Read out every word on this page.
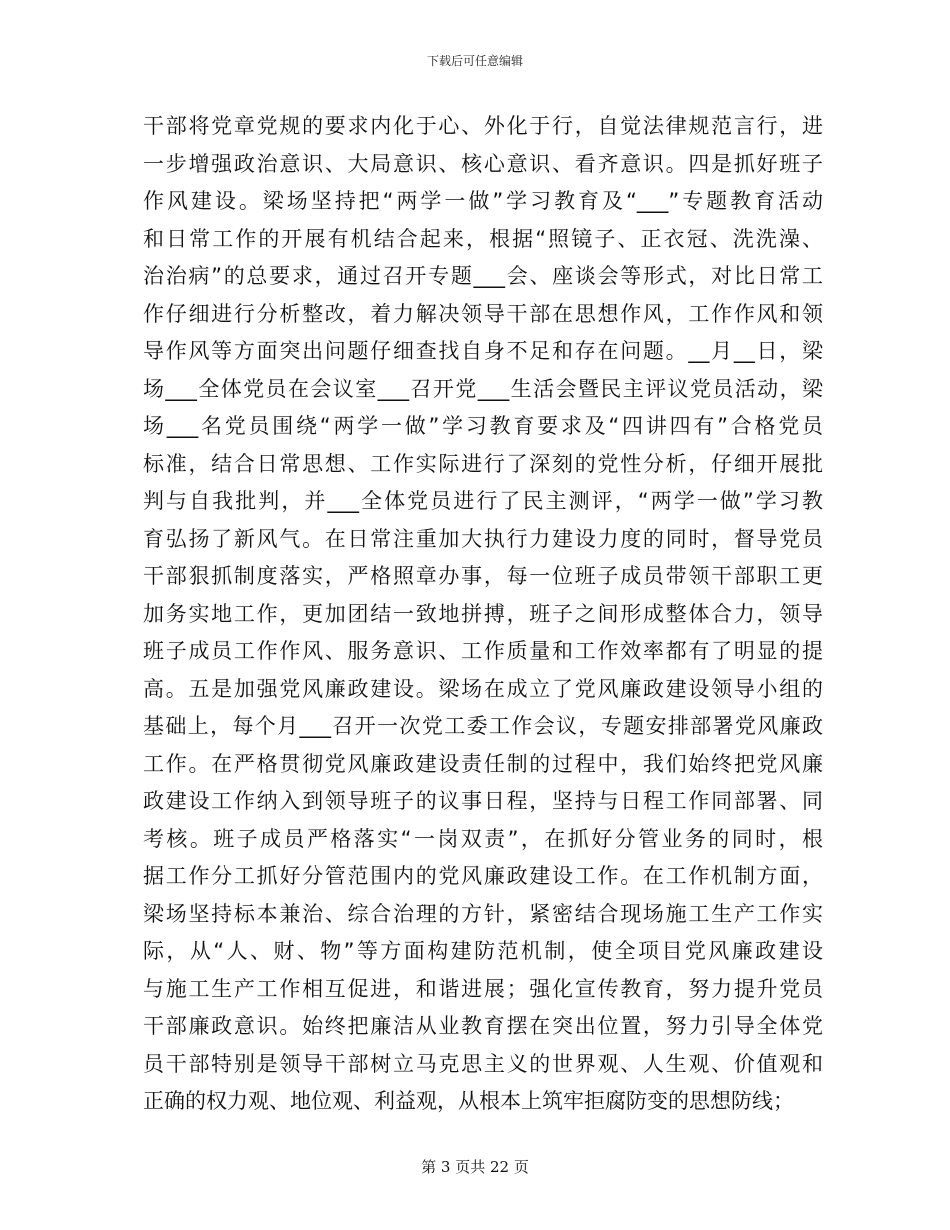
下载后可任意编辑
干部将党章党规的要求内化于心、外化于行，自觉法律规范言行，进
一步增强政治意识、大局意识、核心意识、看齐意识。四是抓好班子
作风建设。梁场坚持把“两学一做”学习教育及“___”专题教育活动
和日常工作的开展有机结合起来，根据“照镜子、正衣冠、洗洗澡、
治治病”的总要求，通过召开专题___会、座谈会等形式，对比日常工
作仔细进行分析整改，着力解决领导干部在思想作风，工作作风和领
导作风等方面突出问题仔细查找自身不足和存在问题。__月__日，梁
场___全体党员在会议室___召开党___生活会暨民主评议党员活动，梁
场___名党员围绕“两学一做”学习教育要求及“四讲四有”合格党员
标准，结合日常思想、工作实际进行了深刻的党性分析，仔细开展批
判与自我批判，并___全体党员进行了民主测评，“两学一做”学习教
育弘扬了新风气。在日常注重加大执行力建设力度的同时，督导党员
干部狠抓制度落实，严格照章办事，每一位班子成员带领干部职工更
加务实地工作，更加团结一致地拼搏，班子之间形成整体合力，领导
班子成员工作作风、服务意识、工作质量和工作效率都有了明显的提
高。五是加强党风廉政建设。梁场在成立了党风廉政建设领导小组的
基础上，每个月___召开一次党工委工作会议，专题安排部署党风廉政
工作。在严格贯彻党风廉政建设责任制的过程中，我们始终把党风廉
政建设工作纳入到领导班子的议事日程，坚持与日程工作同部署、同
考核。班子成员严格落实“一岗双责”，在抓好分管业务的同时，根
据工作分工抓好分管范围内的党风廉政建设工作。在工作机制方面，
梁场坚持标本兼治、综合治理的方针，紧密结合现场施工生产工作实
际，从“人、财、物”等方面构建防范机制，使全项目党风廉政建设
与施工生产工作相互促进，和谐进展；强化宣传教育，努力提升党员
干部廉政意识。始终把廉洁从业教育摆在突出位置，努力引导全体党
员干部特别是领导干部树立马克思主义的世界观、人生观、价值观和
正确的权力观、地位观、利益观，从根本上筑牢拒腐防变的思想防线；
第 3 页共 22 页
